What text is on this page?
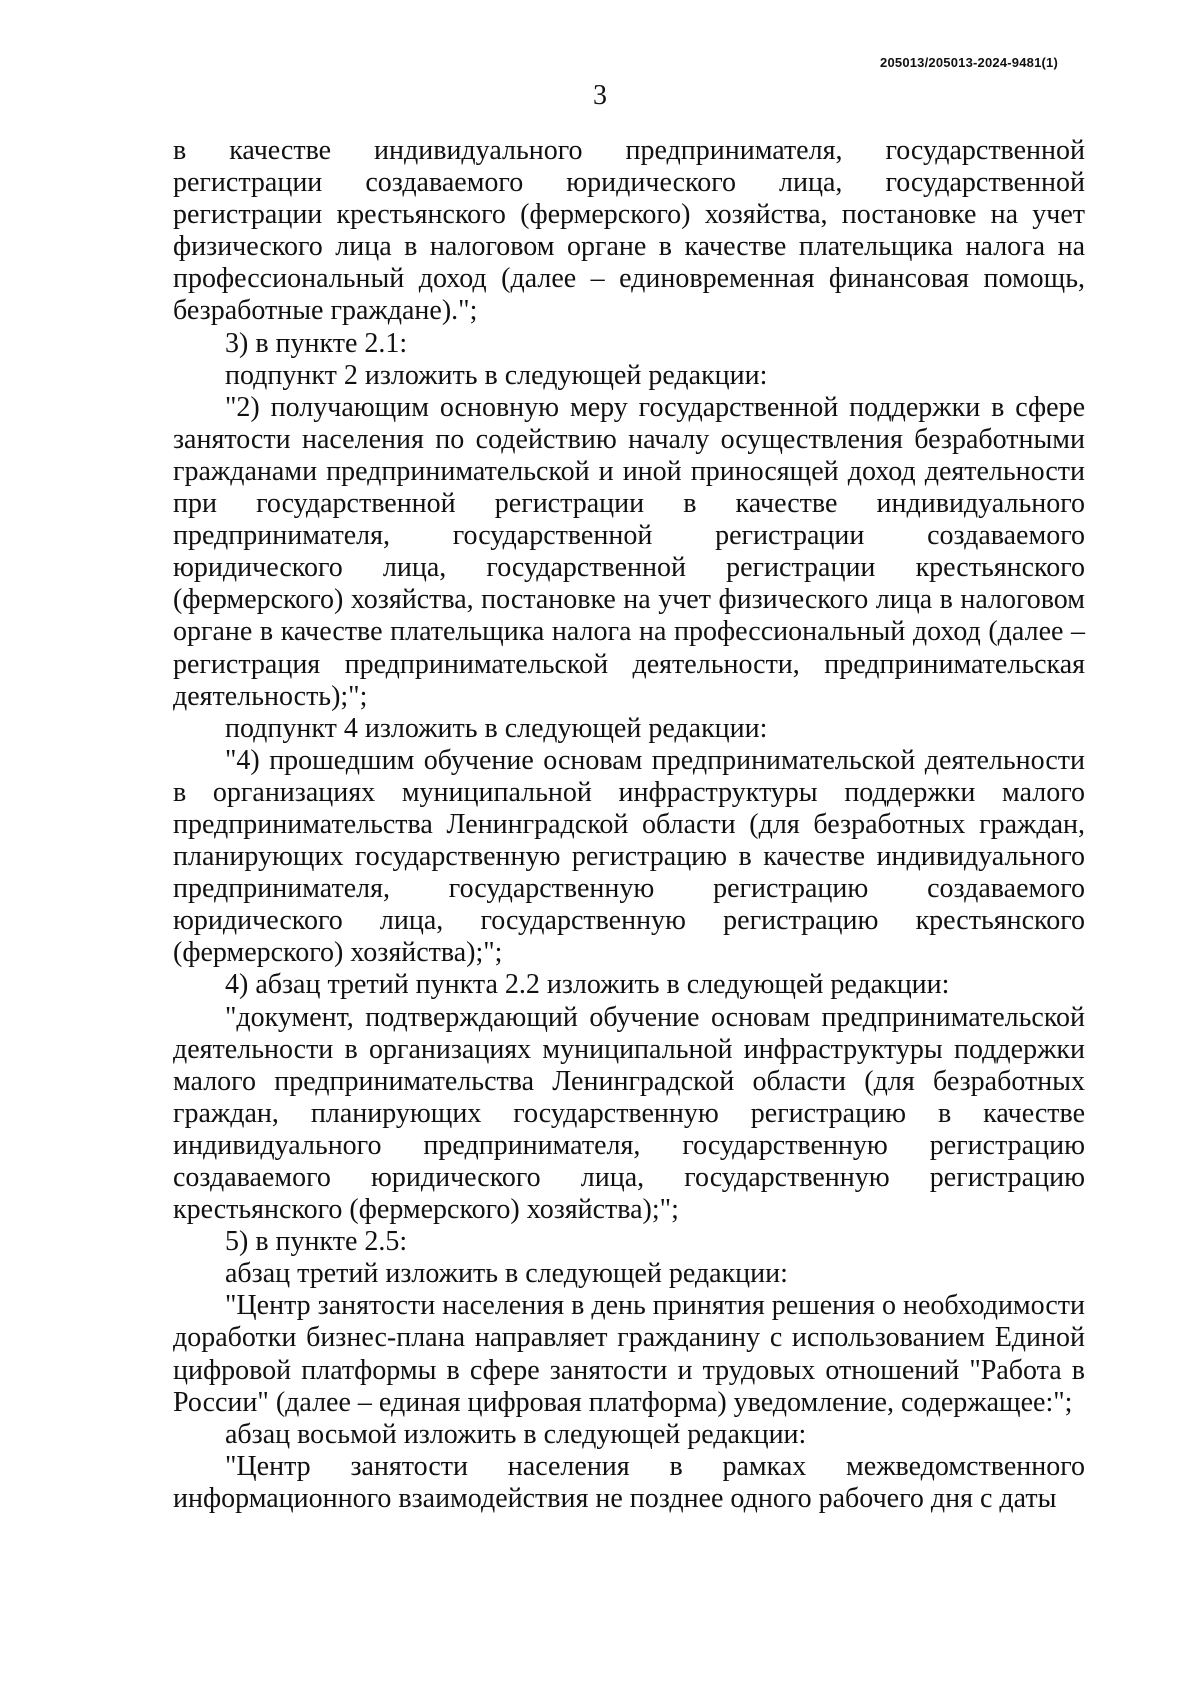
205013/205013-2024-9481(1)
3

в качестве индивидуального предпринимателя, государственной регистрации создаваемого юридического лица, государственной регистрации крестьянского (фермерского) хозяйства, постановке на учет физического лица в налоговом органе в качестве плательщика налога на профессиональный доход (далее – единовременная финансовая помощь, безработные граждане).";

3) в пункте 2.1:

подпункт 2 изложить в следующей редакции:

"2) получающим основную меру государственной поддержки в сфере занятости населения по содействию началу осуществления безработными гражданами предпринимательской и иной приносящей доход деятельности при государственной регистрации в качестве индивидуального предпринимателя, государственной регистрации создаваемого юридического лица, государственной регистрации крестьянского (фермерского) хозяйства, постановке на учет физического лица в налоговом органе в качестве плательщика налога на профессиональный доход (далее – регистрация предпринимательской деятельности, предпринимательская деятельность);";

подпункт 4 изложить в следующей редакции:

"4) прошедшим обучение основам предпринимательской деятельности в организациях муниципальной инфраструктуры поддержки малого предпринимательства Ленинградской области (для безработных граждан, планирующих государственную регистрацию в качестве индивидуального предпринимателя, государственную регистрацию создаваемого юридического лица, государственную регистрацию крестьянского (фермерского) хозяйства);";

4) абзац третий пункта 2.2 изложить в следующей редакции:

"документ, подтверждающий обучение основам предпринимательской деятельности в организациях муниципальной инфраструктуры поддержки малого предпринимательства Ленинградской области (для безработных граждан, планирующих государственную регистрацию в качестве индивидуального предпринимателя, государственную регистрацию создаваемого юридического лица, государственную регистрацию крестьянского (фермерского) хозяйства);";

5) в пункте 2.5:

абзац третий изложить в следующей редакции:

"Центр занятости населения в день принятия решения о необходимости доработки бизнес-плана направляет гражданину с использованием Единой цифровой платформы в сфере занятости и трудовых отношений "Работа в России" (далее – единая цифровая платформа) уведомление, содержащее:";

абзац восьмой изложить в следующей редакции:

"Центр занятости населения в рамках межведомственного информационного взаимодействия не позднее одного рабочего дня с даты
